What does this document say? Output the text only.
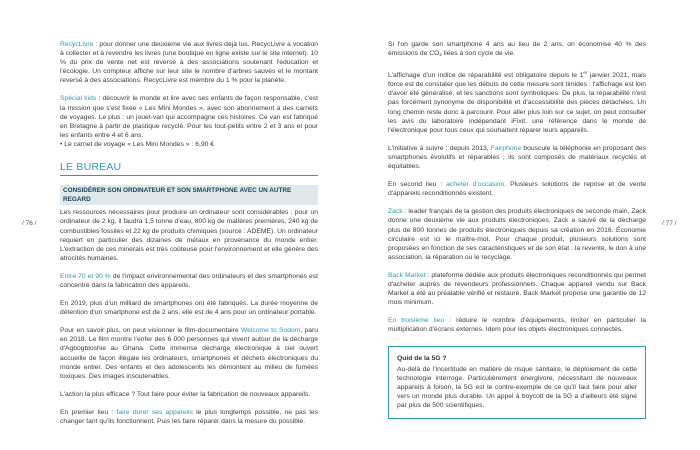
/ 76 /	/ 77 /

RecycLivre : pour donner une deuxième vie aux livres déjà lus. RecycLivre a vocation à collecter et à revendre les livres (une boutique en ligne existe sur le site internet). 10 % du prix de vente net est reversé à des associations soutenant l'éducation et l'écologie. Un compteur affiche sur leur site le nombre d'arbres sauvés et le montant reversé à des associations. RecycLivre est membre du 1 % pour la planète.

Spécial kids : découvrir le monde et lire avec ses enfants de façon responsable, c'est la mission que s'est fixée « Les Mini Mondes », avec son abonnement à des carnets de voyages. Le plus : un jouet-van qui accompagne ces histoires. Ce van est fabriqué en Bretagne à partir de plastique recyclé. Pour les tout-petits entre 2 et 3 ans et pour les enfants entre 4 et 6 ans.

• Le carnet de voyage « Les Mini Mondes » : 6,90 €

LE BUREAU
CONSIDÉRER SON ORDINATEUR ET SON SMARTPHONE AVEC UN AUTRE REGARD

Les ressources nécessaires pour produire un ordinateur sont considérables : pour un ordinateur de 2 kg, il faudra 1,5 tonne d'eau, 800 kg de matières premières, 240 kg de combustibles fossiles et 22 kg de produits chimiques (source : ADEME). Un ordinateur requiert en particulier des dizaines de métaux en provenance du monde entier. L'extraction de ces minerais est très coûteuse pour l'environnement et elle génère des atrocités humaines.

Entre 70 et 90 % de l'impact environnemental des ordinateurs et des smartphones est concentré dans la fabrication des appareils.

En 2019, plus d'un milliard de smartphones ont été fabriqués. La durée moyenne de détention d'un smartphone est de 2 ans, elle est de 4 ans pour un ordinateur portable.

Pour en savoir plus, on peut visionner le film-documentaire Welcome to Sodom, paru en 2018. Le film montre l'enfer des 6 000 personnes qui vivent autour de la décharge d'Agbogbloshie au Ghana. Cette immense décharge électronique à ciel ouvert accueille de façon illégale les ordinateurs, smartphones et déchets électroniques du monde entier. Des enfants et des adolescents les démontent au milieu de fumées toxiques. Des images insoutenables.

L'action la plus efficace ? Tout faire pour éviter la fabrication de nouveaux appareils.

En premier lieu : faire durer ses appareils le plus longtemps possible, ne pas les changer tant qu'ils fonctionnent. Puis les faire réparer dans la mesure du possible.

Si l'on garde son smartphone 4 ans au lieu de 2 ans, on économise 40 % des émissions de $CO_2$ liées à son cycle de vie.

L'affichage d'un indice de réparabilité est obligatoire depuis le 1er janvier 2021, mais force est de constater que les débuts de cette mesure sont timides : l'affichage est loin d'avoir été généralisé, et les sanctions sont symboliques. De plus, la réparabilité n'est pas forcément synonyme de disponibilité et d'accessibilité des pièces détachées. Un long chemin reste donc à parcourir. Pour aller plus loin sur ce sujet, on peut consulter les avis du laboratoire indépendant iFixit, une référence dans le monde de l'électronique pour tous ceux qui souhaitent réparer leurs appareils.

L'initiative à suivre : depuis 2013, Fairphone bouscule la téléphonie en proposant des smartphones évolutifs et réparables ; ils sont composés de matériaux recyclés et équitables.

En second lieu : acheter d'occasion. Plusieurs solutions de reprise et de vente d'appareils reconditionnés existent.

Zack : leader français de la gestion des produits électroniques de seconde main, Zack donne une deuxième vie aux produits électroniques. Zack a sauvé de la décharge plus de 800 tonnes de produits électroniques depuis sa création en 2016. Économie circulaire est ici le maître-mot. Pour chaque produit, plusieurs solutions sont proposées en fonction de ses caractéristiques et de son état : la revente, le don à une association, la réparation ou le recyclage.

Back Market : plateforme dédiée aux produits électroniques reconditionnés qui permet d'acheter auprès de revendeurs professionnels. Chaque appareil vendu sur Back Market a été au préalable vérifié et restauré. Back Market propose une garantie de 12 mois minimum.

En troisième lieu : réduire le nombre d'équipements, limiter en particulier la multiplication d'écrans externes. Idem pour les objets électroniques connectés.

Quid de la 5G ?

Au-delà de l'incertitude en matière de risque sanitaire, le déploiement de cette technologie interroge. Particulièrement énergivore, nécessitant de nouveaux appareils à foison, la 5G est le contre-exemple de ce qu'il faut faire pour aller vers un monde plus durable. Un appel à boycott de la 5G a d'ailleurs été signé par plus de 500 scientifiques.
